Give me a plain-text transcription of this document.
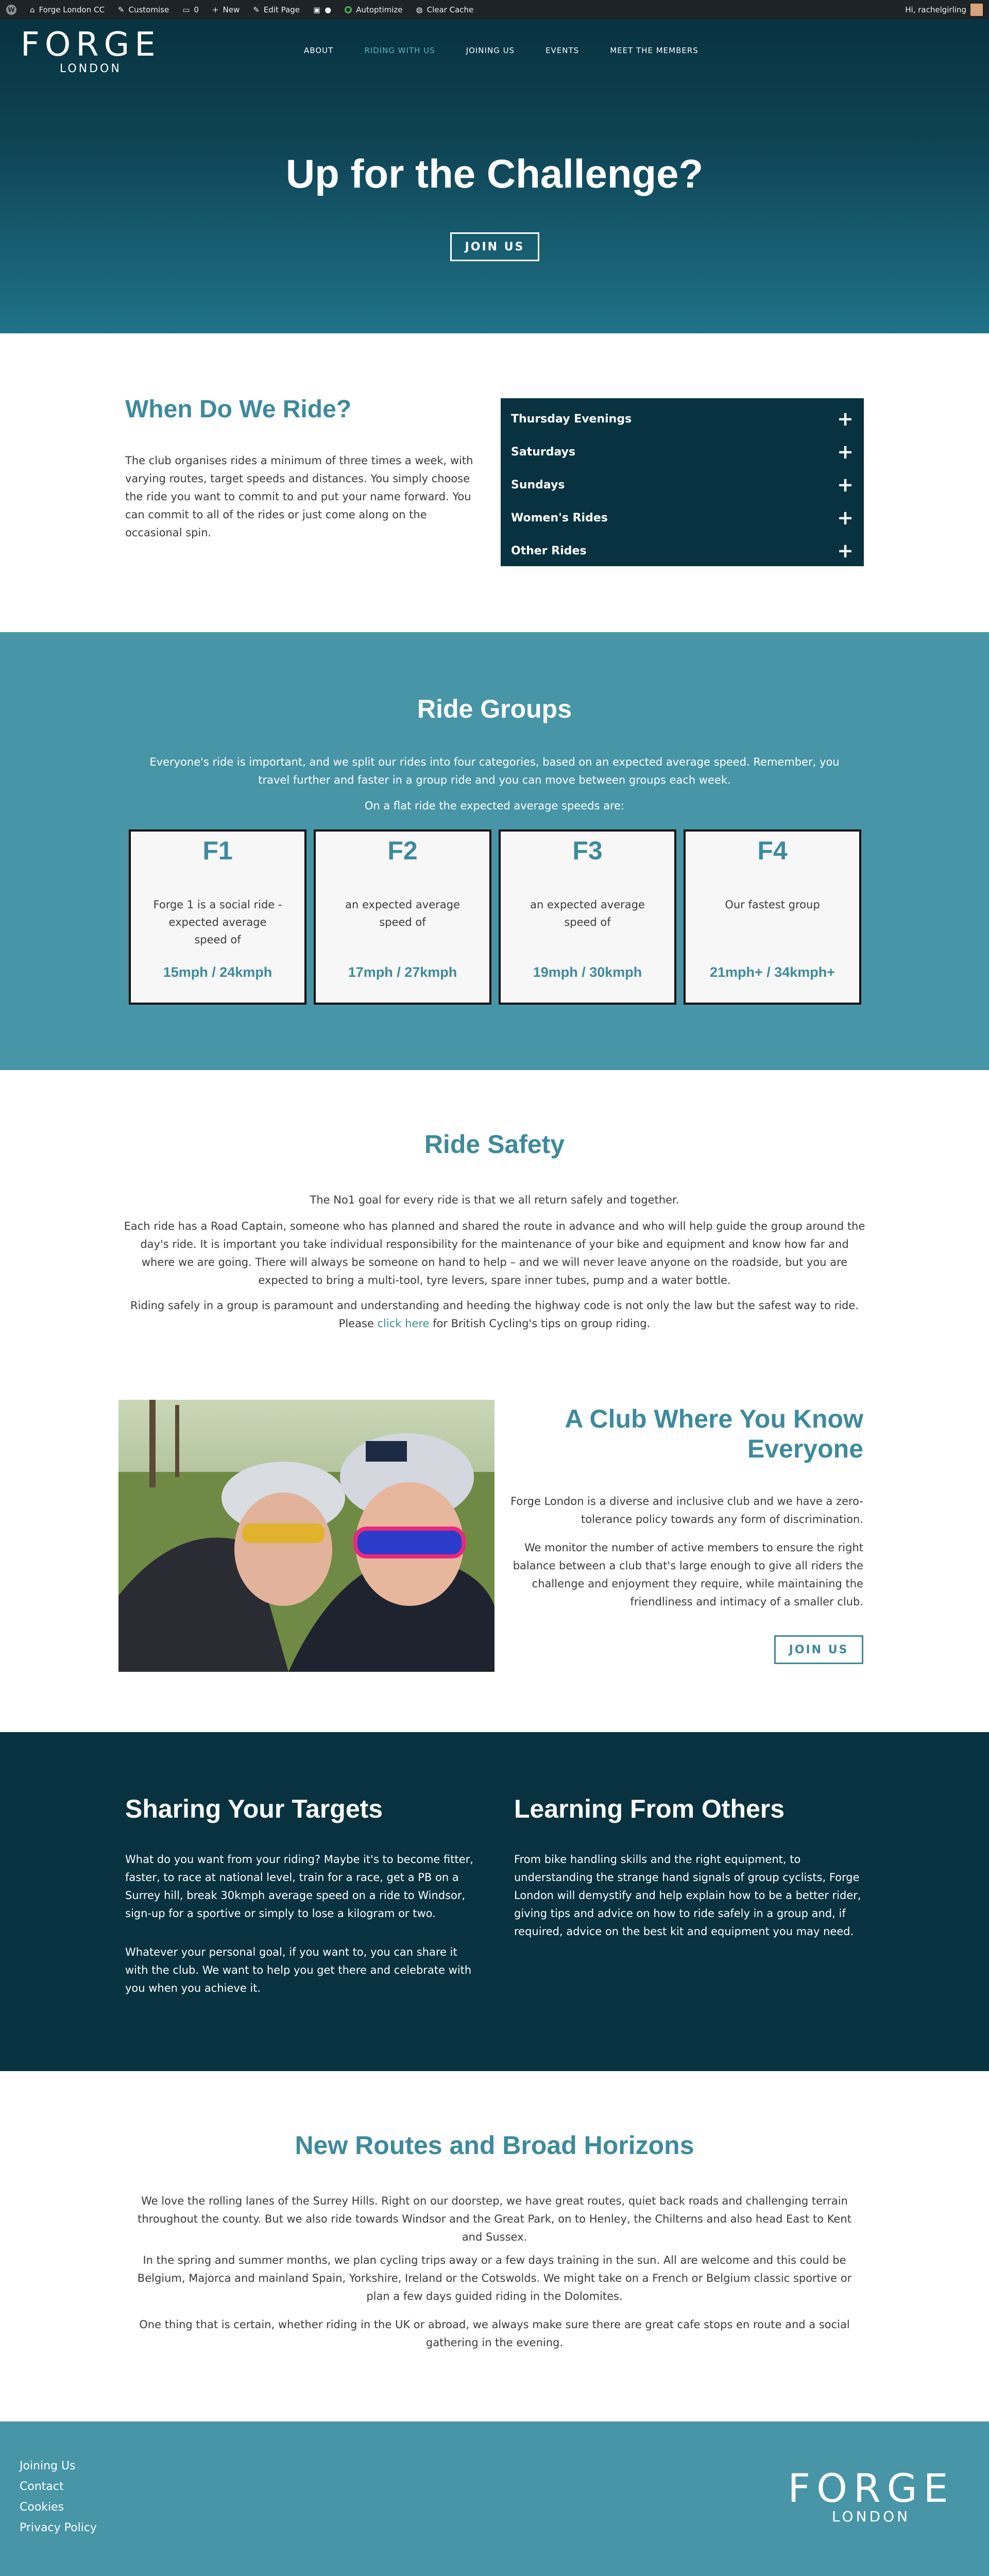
W ⌂ Forge London CC ✎ Customise ▭ 0 + New ✎ Edit Page ▣ ●	Autoptimize ◍ Clear Cache	Hi, rachelgirling
FORGE
LONDON
ABOUT	RIDING WITH US	JOINING US	EVENTS	MEET THE MEMBERS
Up for the Challenge?
JOIN US
When Do We Ride?

The club organises rides a minimum of three times a week, with varying routes, target speeds and distances. You simply choose the ride you want to commit to and put your name forward. You can commit to all of the rides or just come along on the occasional spin.

Thursday Evenings	+
Saturdays	+
Sundays	+
Women's Rides	+
Other Rides	+
Ride Groups
Everyone's ride is important, and we split our rides into four categories, based on an expected average speed. Remember, you travel further and faster in a group ride and you can move between groups each week.
On a flat ride the expected average speeds are:
F1
Forge 1 is a social ride -expected average speed of
15mph / 24kmph
F2
an expected average speed of
17mph / 27kmph
F3
an expected average speed of
19mph / 30kmph
F4
Our fastest group
21mph+ / 34kmph+
Ride Safety
The No1 goal for every ride is that we all return safely and together.
Each ride has a Road Captain, someone who has planned and shared the route in advance and who will help guide the group around the day's ride. It is important you take individual responsibility for the maintenance of your bike and equipment and know how far and where we are going. There will always be someone on hand to help – and we will never leave anyone on the roadside, but you are expected to bring a multi-tool, tyre levers, spare inner tubes, pump and a water bottle.
Riding safely in a group is paramount and understanding and heeding the highway code is not only the law but the safest way to ride. Please click here for British Cycling's tips on group riding.
A Club Where You Know Everyone
Forge London is a diverse and inclusive club and we have a zero-tolerance policy towards any form of discrimination.
We monitor the number of active members to ensure the right balance between a club that's large enough to give all riders the challenge and enjoyment they require, while maintaining the friendliness and intimacy of a smaller club.
JOIN US
Sharing Your Targets

What do you want from your riding? Maybe it's to become fitter, faster, to race at national level, train for a race, get a PB on a Surrey hill, break 30kmph average speed on a ride to Windsor, sign-up for a sportive or simply to lose a kilogram or two.

Whatever your personal goal, if you want to, you can share it with the club. We want to help you get there and celebrate with you when you achieve it.

Learning From Others

From bike handling skills and the right equipment, to understanding the strange hand signals of group cyclists, Forge London will demystify and help explain how to be a better rider, giving tips and advice on how to ride safely in a group and, if required, advice on the best kit and equipment you may need.

New Routes and Broad Horizons

We love the rolling lanes of the Surrey Hills. Right on our doorstep, we have great routes, quiet back roads and challenging terrain throughout the county. But we also ride towards Windsor and the Great Park, on to Henley, the Chilterns and also head East to Kent and Sussex.

In the spring and summer months, we plan cycling trips away or a few days training in the sun. All are welcome and this could be Belgium, Majorca and mainland Spain, Yorkshire, Ireland or the Cotswolds. We might take on a French or Belgium classic sportive or plan a few days guided riding in the Dolomites.

One thing that is certain, whether riding in the UK or abroad, we always make sure there are great cafe stops en route and a social gathering in the evening.

Joining Us
Contact
Cookies
Privacy Policy
FORGE
LONDON
